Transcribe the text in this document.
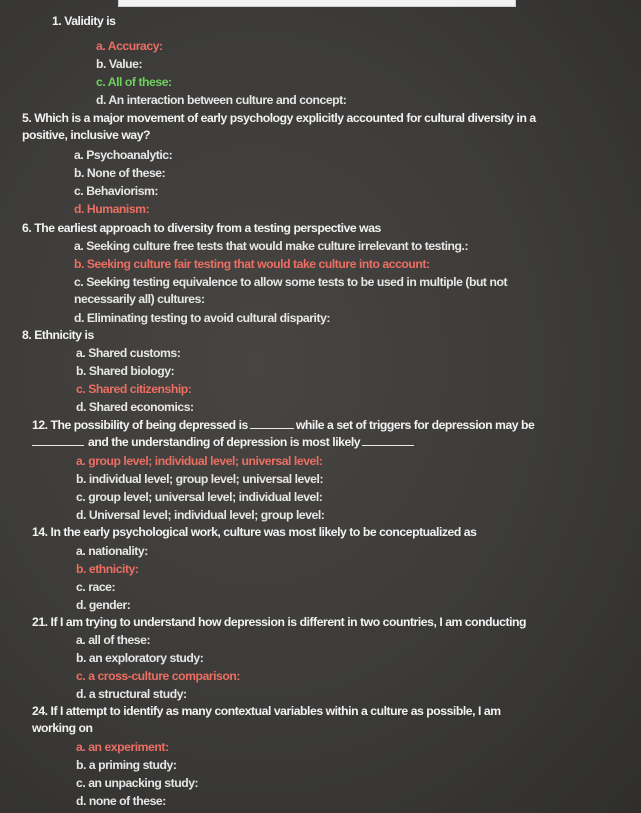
1. Validity is
a. Accuracy:
b. Value:
c. All of these:
d. An interaction between culture and concept:
5. Which is a major movement of early psychology explicitly accounted for cultural diversity in a
positive, inclusive way?
a. Psychoanalytic:
b. None of these:
c. Behaviorism:
d. Humanism:
6. The earliest approach to diversity from a testing perspective was
a. Seeking culture free tests that would make culture irrelevant to testing.:
b. Seeking culture fair testing that would take culture into account:
c. Seeking testing equivalence to allow some tests to be used in multiple (but not
necessarily all) cultures:
d. Eliminating testing to avoid cultural disparity:
8. Ethnicity is
a. Shared customs:
b. Shared biology:
c. Shared citizenship:
d. Shared economics:
12. The possibility of being depressed is	while a set of triggers for depression may be
and the understanding of depression is most likely
a. group level; individual level; universal level:
b. individual level; group level; universal level:
c. group level; universal level; individual level:
d. Universal level; individual level; group level:
14. In the early psychological work, culture was most likely to be conceptualized as
a. nationality:
b. ethnicity:
c. race:
d. gender:
21. If I am trying to understand how depression is different in two countries, I am conducting
a. all of these:
b. an exploratory study:
c. a cross-culture comparison:
d. a structural study:
24. If I attempt to identify as many contextual variables within a culture as possible, I am
working on
a. an experiment:
b. a priming study:
c. an unpacking study:
d. none of these:
